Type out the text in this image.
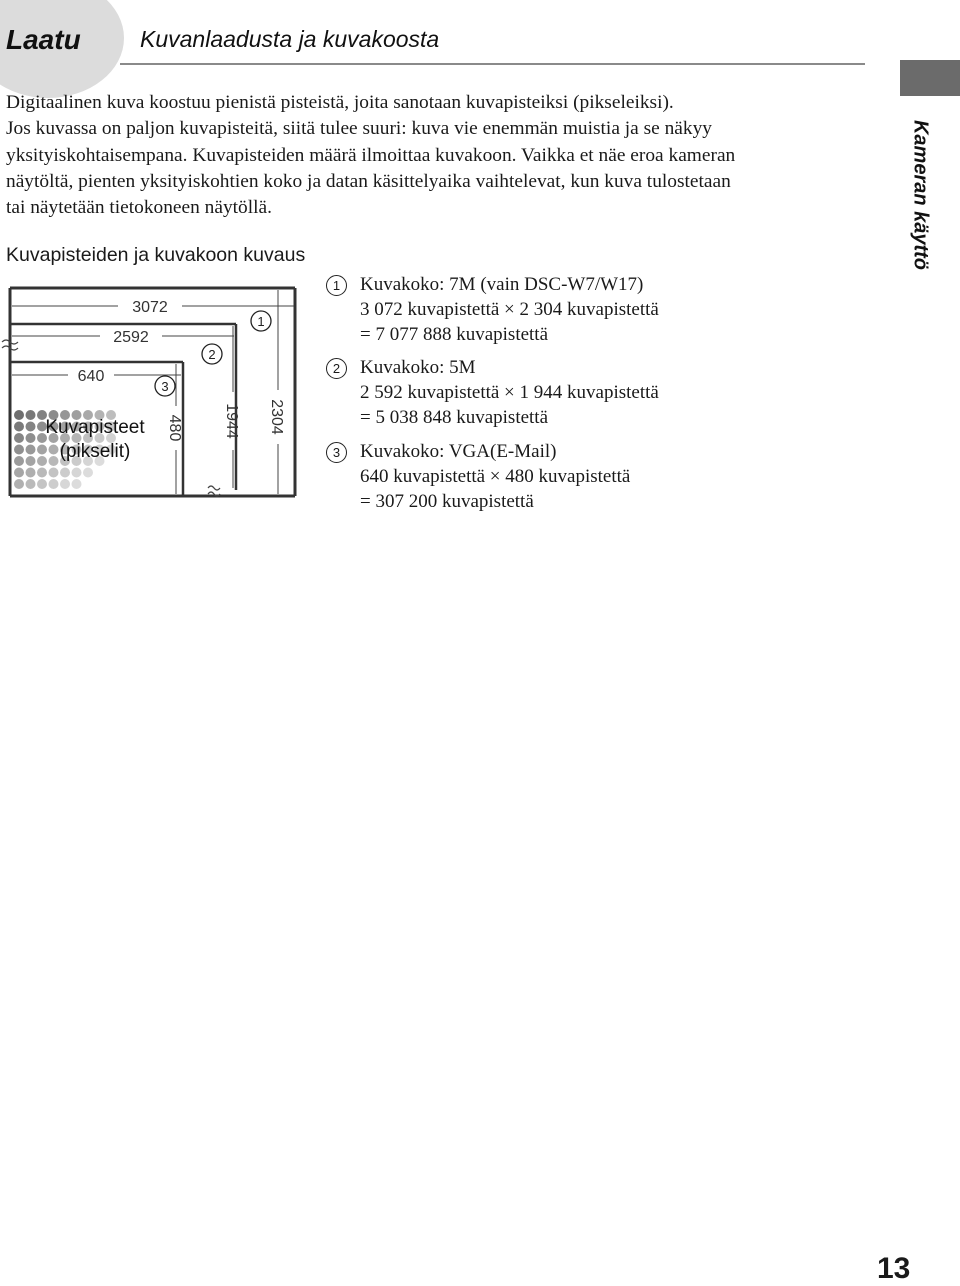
Laatu	Kuvanlaadusta ja kuvakoosta
Kameran käyttö

Digitaalinen kuva koostuu pienistä pisteistä, joita sanotaan kuvapisteiksi (pikseleiksi).
Jos kuvassa on paljon kuvapisteitä, siitä tulee suuri: kuva vie enemmän muistia ja se näkyy
yksityiskohtaisempana. Kuvapisteiden määrä ilmoittaa kuvakoon. Vaikka et näe eroa kameran
näytöltä, pienten yksityiskohtien koko ja datan käsittelyaika vaihtelevat, kun kuva tulostetaan
tai näytetään tietokoneen näytöllä.

Kuvapisteiden ja kuvakoon kuvaus
3072
2592
640
2304
1944
480
1
2
3
Kuvapisteet
(pikselit)
1	Kuvakoko: 7M (vain DSC-W7/W17)
3 072 kuvapistettä × 2 304 kuvapistettä
= 7 077 888 kuvapistettä
2	Kuvakoko: 5M
2 592 kuvapistettä × 1 944 kuvapistettä
= 5 038 848 kuvapistettä
3	Kuvakoko: VGA(E-Mail)
640 kuvapistettä × 480 kuvapistettä
= 307 200 kuvapistettä
13
